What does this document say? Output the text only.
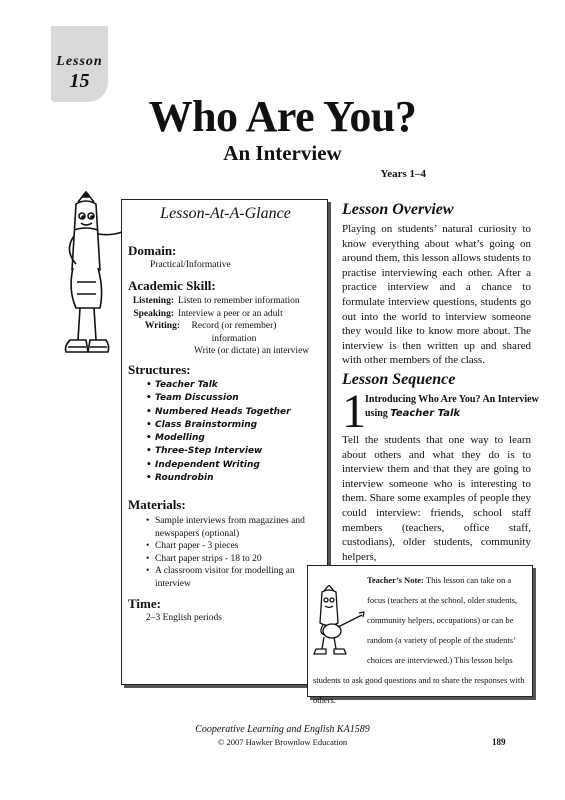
Lesson
15
Who Are You?
An Interview
Years 1–4
Lesson-At-A-Glance
Domain:
Practical/Informative
Academic Skill:
Listening: Listen to remember information
Speaking: Interview a peer or an adult
Writing:	Record (or remember) information
Write (or dictate) an interview
Structures:
• Teacher Talk
• Team Discussion
• Numbered Heads Together
• Class Brainstorming
• Modelling
• Three-Step Interview
• Independent Writing
• Roundrobin
Materials:
• Sample interviews from magazines and newspapers (optional)
• Chart paper - 3 pieces
• Chart paper strips - 18 to 20
• A classroom visitor for modelling an interview
Time:
2–3 English periods
Lesson Overview
Playing on students’ natural curiosity to know everything about what’s going on around them, this lesson allows students to practise interviewing each other. After a practice interview and a chance to formulate interview questions, students go out into the world to interview someone they would like to know more about. The interview is then written up and shared with other members of the class.
Lesson Sequence
1 Introducing Who Are You? An Interview using Teacher Talk
Tell the students that one way to learn about others and what they do is to interview them and that they are going to interview someone who is interesting to them. Share some examples of people they could interview: friends, school staff members (teachers, office staff, custodians), older students, community helpers,
Teacher’s Note: This lesson can take on a focus (teachers at the school, older students, community helpers, occupations) or can be random (a variety of people of the students’ choices are interviewed.) This lesson helps students to ask good questions and to share the responses with others.
Cooperative Learning and English KA1589
© 2007 Hawker Brownlow Education	189
